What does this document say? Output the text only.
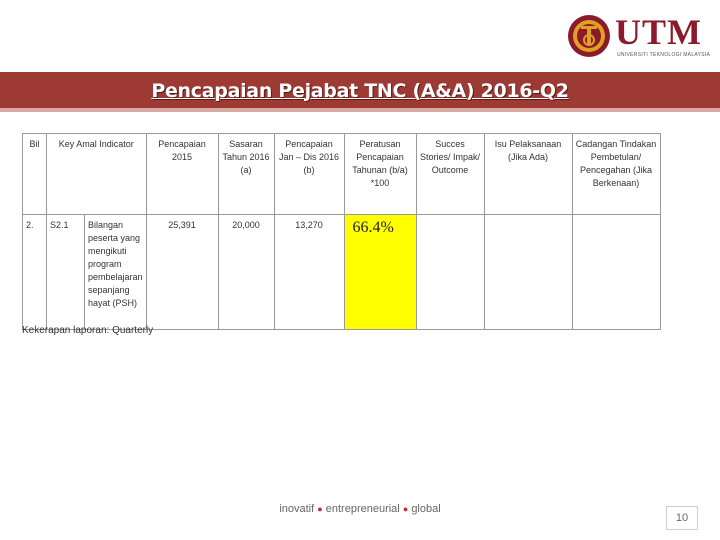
UTM
UNIVERSITI TEKNOLOGI MALAYSIA
Pencapaian Pejabat TNC (A&A) 2016-Q2
Bil	Key Amal Indicator		Pencapaian 2015	Sasaran Tahun 2016 (a)	Pencapaian Jan – Dis 2016 (b)	Peratusan Pencapaian Tahunan (b/a) *100	Succes Stories/ Impak/ Outcome	Isu Pelaksanaan (Jika Ada)	Cadangan Tindakan Pembetulan/ Pencegahan (Jika Berkenaan)
2.	S2.1	Bilangan peserta yang mengikuti program pembelajaran sepanjang hayat (PSH)	25,391	20,000	13,270	66.4%			
Kekerapan laporan: Quarterly
inovatif ● entrepreneurial ● global
10
